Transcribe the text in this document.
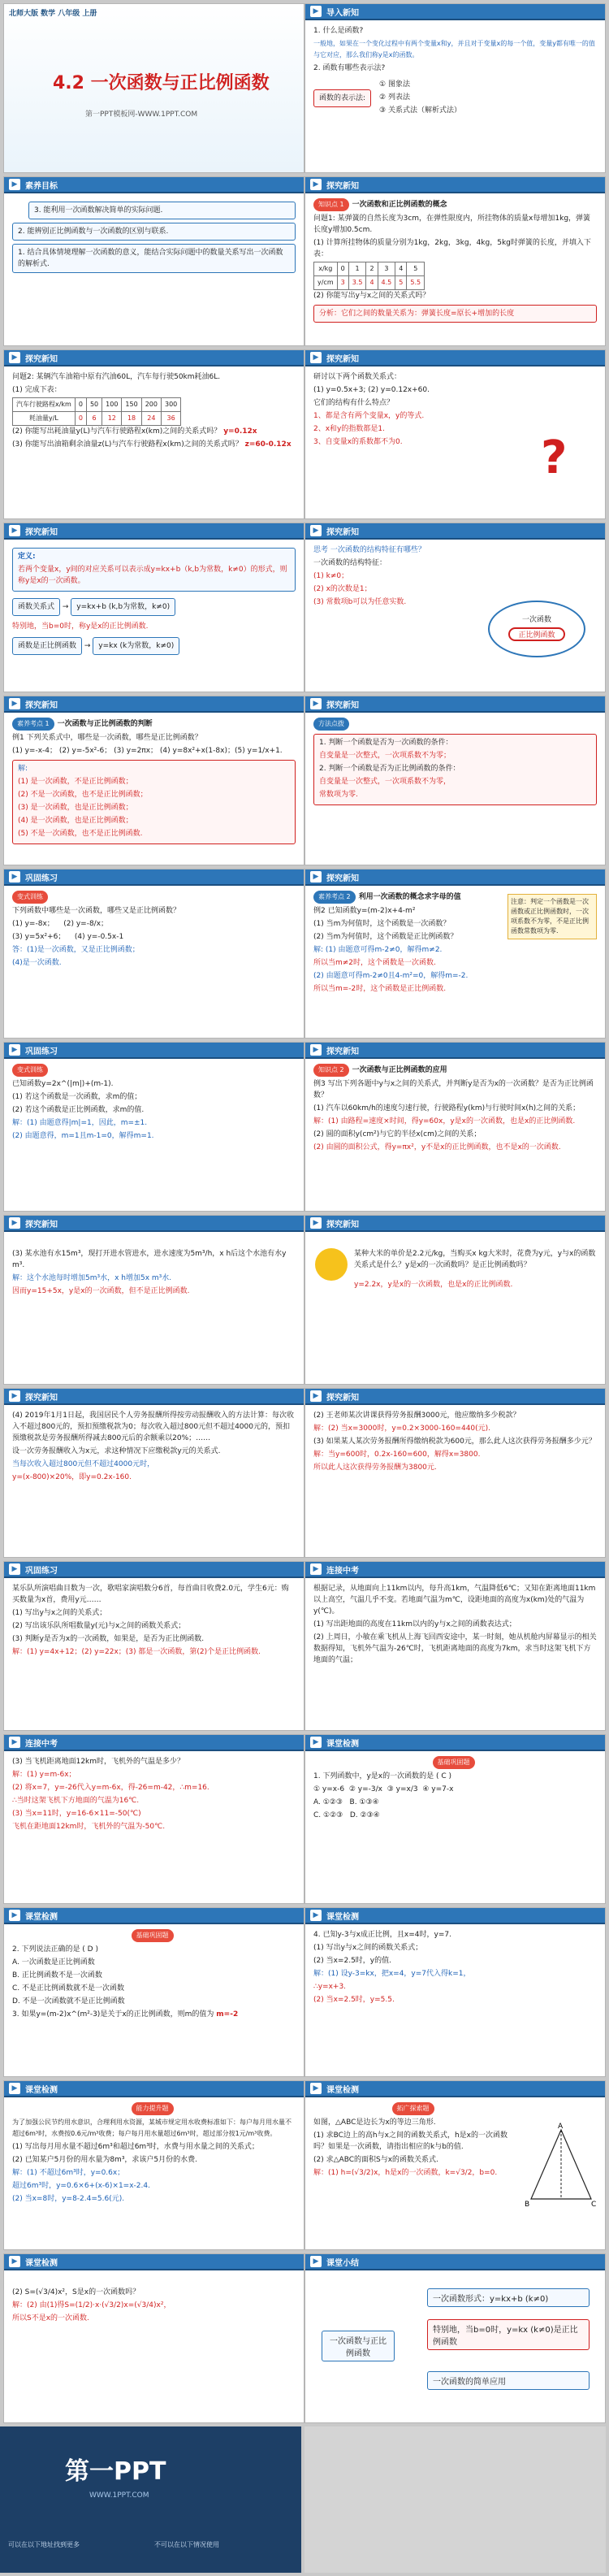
北师大版 数学 八年级 上册
4.2 一次函数与正比例函数
第一PPT模板网-WWW.1PPT.COM
▶ 导入新知

1. 什么是函数?

一般地，如果在一个变化过程中有两个变量x和y，并且对于变量x的每一个值，变量y都有唯一的值与它对应，那么我们称y是x的函数。

2. 函数有哪些表示法?

函数的表示法:

① 图象法

② 列表法

③ 关系式法（解析式法）

▶ 素养目标

3. 能利用一次函数解决简单的实际问题.

2. 能辨别正比例函数与一次函数的区别与联系.

1. 结合具体情境理解一次函数的意义，能结合实际问题中的数量关系写出一次函数的解析式.

▶ 探究新知

知识点 1 一次函数和正比例函数的概念

问题1: 某弹簧的自然长度为3cm，在弹性限度内，所挂物体的质量x每增加1kg，弹簧长度y增加0.5cm.

(1) 计算所挂物体的质量分别为1kg，2kg，3kg，4kg，5kg时弹簧的长度，并填入下表：

x/kg	0	1	2	3	4	5
y/cm	3	3.5	4	4.5	5	5.5

(2) 你能写出y与x之间的关系式吗？

分析：它们之间的数量关系为：弹簧长度=原长+增加的长度

▶ 探究新知

问题2: 某辆汽车油箱中原有汽油60L，汽车每行驶50km耗油6L.

(1) 完成下表：

汽车行驶路程x/km	0	50	100	150	200	300
耗油量y/L	0	6	12	18	24	36

(2) 你能写出耗油量y(L)与汽车行驶路程x(km)之间的关系式吗？ y=0.12x

(3) 你能写出油箱剩余油量z(L)与汽车行驶路程x(km)之间的关系式吗？ z=60-0.12x

▶ 探究新知

研讨以下两个函数关系式：

(1) y=0.5x+3; (2) y=0.12x+60.

它们的结构有什么特点？

1、都是含有两个变量x，y的等式.

2、x和y的指数都是1.

3、自变量x的系数都不为0.	?
▶ 探究新知

定义:

若两个变量x，y间的对应关系可以表示成y=kx+b（k,b为常数，k≠0）的形式，则称y是x的一次函数。

函数关系式 → y=kx+b (k,b为常数，k≠0)

特别地，当b=0时，称y是x的正比例函数.

函数是正比例函数 → y=kx (k为常数，k≠0)

▶ 探究新知

思考 一次函数的结构特征有哪些？

一次函数的结构特征：

(1) k≠0；

(2) x的次数是1；

(3) 常数项b可以为任意实数.

一次函数
正比例函数
▶ 探究新知

素养考点 1 一次函数与正比例函数的判断

例1 下列关系式中，哪些是一次函数，哪些是正比例函数？

(1) y=-x-4； (2) y=-5x²-6； (3) y=2πx； (4) y=8x²+x(1-8x)；(5) y=1/x+1.

解:

(1) 是一次函数，不是正比例函数；

(2) 不是一次函数，也不是正比例函数；

(3) 是一次函数，也是正比例函数；

(4) 是一次函数，也是正比例函数；

(5) 不是一次函数，也不是正比例函数.

▶ 探究新知

方法点拨

1. 判断一个函数是否为一次函数的条件：

自变量是一次整式，一次项系数不为零；

2. 判断一个函数是否为正比例函数的条件：

自变量是一次整式，一次项系数不为零，

常数项为零.

▶ 巩固练习

变式训练

下列函数中哪些是一次函数，哪些又是正比例函数？

(1) y=-8x； (2) y=-8/x；

(3) y=5x²+6； (4) y=-0.5x-1

答：(1)是一次函数，又是正比例函数；

(4)是一次函数.

▶ 探究新知

素养考点 2 利用一次函数的概念求字母的值

例2 已知函数y=(m-2)x+4-m²

(1) 当m为何值时，这个函数是一次函数？

(2) 当m为何值时，这个函数是正比例函数？

解: (1) 由题意可得m-2≠0，解得m≠2.

所以当m≠2时，这个函数是一次函数.

(2) 由题意可得m-2≠0且4-m²=0，解得m=-2.

所以当m=-2时，这个函数是正比例函数.

注意：判定一个函数是一次函数或正比例函数时，一次项系数不为零，不是正比例函数常数项为零.
▶ 巩固练习

变式训练

已知函数y=2x^(|m|)+(m-1).

(1) 若这个函数是一次函数，求m的值；

(2) 若这个函数是正比例函数，求m的值.

解：(1) 由题意得|m|=1，因此，m=±1.

(2) 由题意得，m=1且m-1=0，解得m=1.

▶ 探究新知

知识点 2 一次函数与正比例函数的应用

例3 写出下列各题中y与x之间的关系式，并判断y是否为x的一次函数？是否为正比例函数？

(1) 汽车以60km/h的速度匀速行驶，行驶路程y(km)与行驶时间x(h)之间的关系；

解：(1) 由路程=速度×时间，得y=60x，y是x的一次函数，也是x的正比例函数.

(2) 圆的面积y(cm²)与它的半径x(cm)之间的关系；

(2) 由圆的面积公式，得y=πx²，y不是x的正比例函数，也不是x的一次函数.

▶ 探究新知

(3) 某水池有水15m³，现打开进水管进水，进水速度为5m³/h，x h后这个水池有水y m³.

解：这个水池每时增加5m³水，x h增加5x m³水.

因而y=15+5x，y是x的一次函数，但不是正比例函数.

▶ 探究新知

某种大米的单价是2.2元/kg，当购买x kg大米时，花费为y元，y与x的函数关系式是什么？y是x的一次函数吗？是正比例函数吗？

y=2.2x，y是x的一次函数，也是x的正比例函数.

▶ 探究新知

(4) 2019年1月1日起，我国居民个人劳务报酬所得按劳动报酬收入的方法计算：每次收入不超过800元的，预扣预缴税款为0；每次收入超过800元但不超过4000元的，预扣预缴税款是劳务报酬所得减去800元后的余额乘以20%；……

设一次劳务报酬收入为x元，求这种情况下应缴税款y元的关系式.

当每次收入超过800元但不超过4000元时，

y=(x-800)×20%，即y=0.2x-160.

▶ 探究新知

(2) 王老师某次讲课获得劳务报酬3000元，他应缴纳多少税款？

解：(2) 当x=3000时，y=0.2×3000-160=440(元).

(3) 如果某人某次劳务报酬所得缴纳税款为600元，那么此人这次获得劳务报酬多少元？

解：当y=600时，0.2x-160=600，解得x=3800.

所以此人这次获得劳务报酬为3800元.

▶ 巩固练习

某乐队所演唱曲目数为一次，歌唱家演唱数分6首，每首曲目收费2.0元，学生6元：购买数量为x首，费用y元……

(1) 写出y与x之间的关系式；

(2) 写出该乐队所唱数量y(元)与x之间的函数关系式；

(3) 判断y是否为x的一次函数，如果是，是否为正比例函数.

解：(1) y=4x+12；(2) y=22x；(3) 都是一次函数，第(2)个是正比例函数.

▶ 连接中考

根据记录，从地面向上11km以内，每升高1km，气温降低6℃；又知在距离地面11km以上高空，气温几乎不变。若地面气温为m℃，设距地面的高度为x(km)处的气温为y(℃)。

(1) 写出距地面的高度在11km以内的y与x之间的函数表达式；

(2) 上周日，小敏在乘飞机从上海飞回西安途中，某一时刻，她从机舱内屏幕显示的相关数据得知，飞机外气温为-26℃时，飞机距离地面的高度为7km，求当时这架飞机下方地面的气温；

▶ 连接中考

(3) 当飞机距离地面12km时，飞机外的气温是多少？

解：(1) y=m-6x；

(2) 将x=7，y=-26代入y=m-6x，得-26=m-42，∴m=16.

∴当时这架飞机下方地面的气温为16℃.

(3) 当x=11时，y=16-6×11=-50(℃)

飞机在距地面12km时，飞机外的气温为-50℃.

▶ 课堂检测

基础巩固题

1. 下列函数中，y是x的一次函数的是 ( C )

① y=x-6 ② y=-3/x ③ y=x/3 ④ y=7-x

A. ①②③ B. ①③④

C. ①②③ D. ②③④

▶ 课堂检测

基础巩固题

2. 下列说法正确的是 ( D )

A. 一次函数是正比例函数

B. 正比例函数不是一次函数

C. 不是正比例函数就不是一次函数

D. 不是一次函数就不是正比例函数

3. 如果y=(m-2)x^(m²-3)是关于x的正比例函数，则m的值为 m=-2

▶ 课堂检测

4. 已知y-3与x成正比例，且x=4时，y=7.

(1) 写出y与x之间的函数关系式；

(2) 当x=2.5时，y的值.

解：(1) 设y-3=kx，把x=4，y=7代入得k=1，

∴y=x+3.

(2) 当x=2.5时，y=5.5.

▶ 课堂检测

能力提升题

为了加强公民节约用水意识，合理利用水资源，某城市规定用水收费标准如下：每户每月用水量不超过6m³时，水费按0.6元/m³收费；每户每月用水量超过6m³时，超过部分按1元/m³收费。

(1) 写出每月用水量不超过6m³和超过6m³时，水费与用水量之间的关系式；

(2) 已知某户5月份的用水量为8m³，求该户5月份的水费.

解：(1) 不超过6m³时，y=0.6x；

超过6m³时，y=0.6×6+(x-6)×1=x-2.4.

(2) 当x=8时，y=8-2.4=5.6(元).

▶ 课堂检测

拓广探索题

如图，△ABC是边长为x的等边三角形.

(1) 求BC边上的高h与x之间的函数关系式，h是x的一次函数吗？如果是一次函数，请指出相应的k与b的值.

(2) 求△ABC的面积S与x的函数关系式.

解：(1) h=(√3/2)x，h是x的一次函数，k=√3/2，b=0.

A
B	C
▶ 课堂检测

(2) S=(√3/4)x²，S是x的一次函数吗？

解：(2) 由(1)得S=(1/2)·x·(√3/2)x=(√3/4)x²，

所以S不是x的一次函数.

▶ 课堂小结
一次函数与正比例函数
一次函数形式：y=kx+b (k≠0)
特别地，当b=0时，y=kx (k≠0)是正比例函数
一次函数的简单应用
第一PPT
WWW.1PPT.COM
可以在以下地址找到更多	不可以在以下情况使用
